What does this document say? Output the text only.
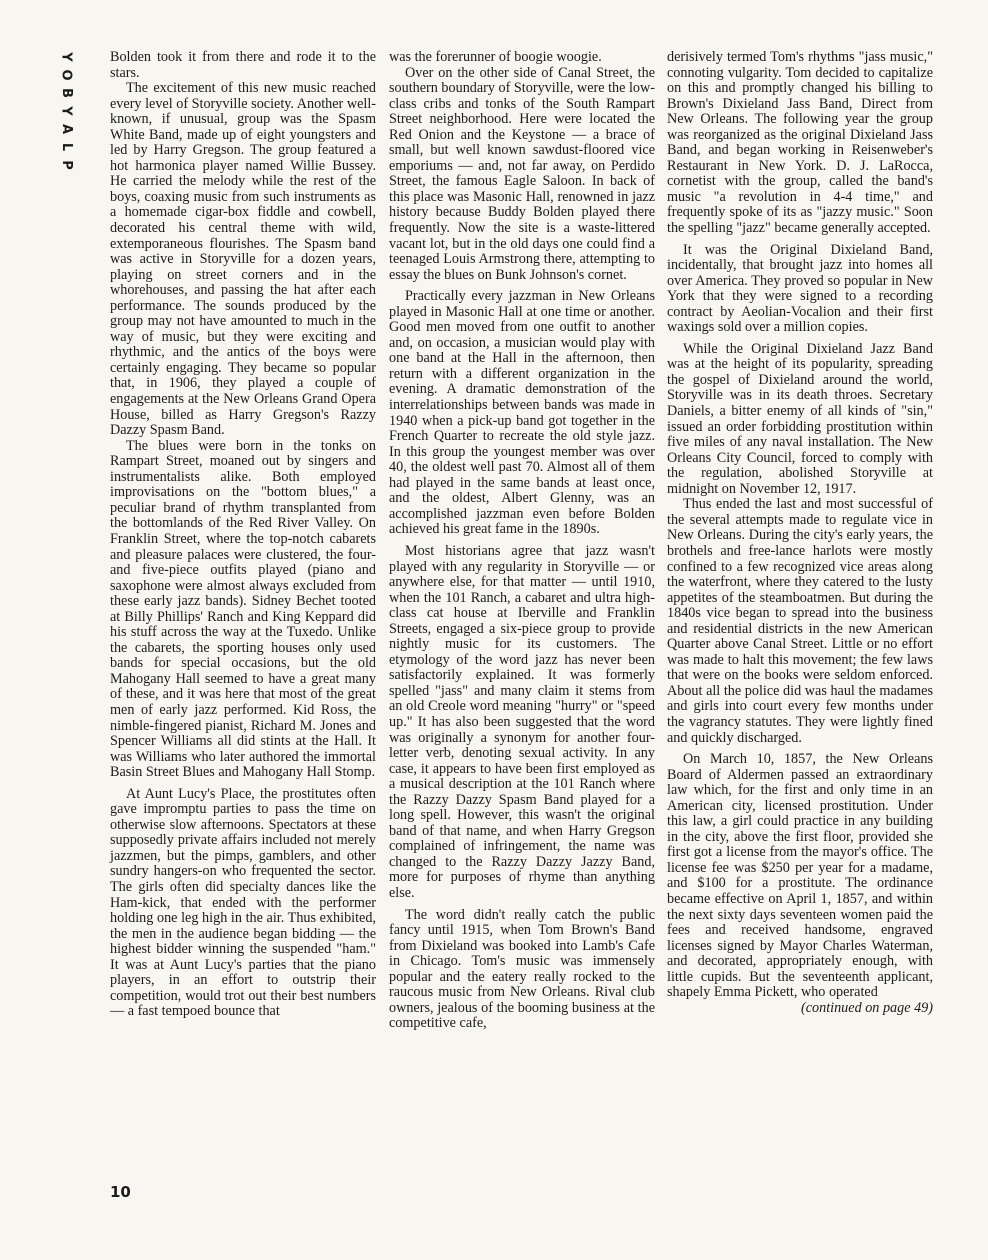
Y
O
B
Y
A
L
P

Bolden took it from there and rode it to the stars.

The excitement of this new music reached every level of Storyville society. Another well-known, if unusual, group was the Spasm White Band, made up of eight youngsters and led by Harry Gregson. The group featured a hot harmonica player named Willie Bussey. He carried the melody while the rest of the boys, coaxing music from such instruments as a homemade cigar-box fiddle and cowbell, decorated his central theme with wild, extemporaneous flourishes. The Spasm band was active in Storyville for a dozen years, playing on street corners and in the whorehouses, and passing the hat after each performance. The sounds produced by the group may not have amounted to much in the way of music, but they were exciting and rhythmic, and the antics of the boys were certainly engaging. They became so popular that, in 1906, they played a couple of engagements at the New Orleans Grand Opera House, billed as Harry Gregson's Razzy Dazzy Spasm Band.

The blues were born in the tonks on Rampart Street, moaned out by singers and instrumentalists alike. Both employed improvisations on the "bottom blues," a peculiar brand of rhythm transplanted from the bottomlands of the Red River Valley. On Franklin Street, where the top-notch cabarets and pleasure palaces were clustered, the four-and five-piece outfits played (piano and saxophone were almost always excluded from these early jazz bands). Sidney Bechet tooted at Billy Phillips' Ranch and King Keppard did his stuff across the way at the Tuxedo. Unlike the cabarets, the sporting houses only used bands for special occasions, but the old Mahogany Hall seemed to have a great many of these, and it was here that most of the great men of early jazz performed. Kid Ross, the nimble-fingered pianist, Richard M. Jones and Spencer Williams all did stints at the Hall. It was Williams who later authored the immortal Basin Street Blues and Mahogany Hall Stomp.

At Aunt Lucy's Place, the prostitutes often gave impromptu parties to pass the time on otherwise slow afternoons. Spectators at these supposedly private affairs included not merely jazzmen, but the pimps, gamblers, and other sundry hangers-on who frequented the sector. The girls often did specialty dances like the Ham-kick, that ended with the performer holding one leg high in the air. Thus exhibited, the men in the audience began bidding — the highest bidder winning the suspended "ham." It was at Aunt Lucy's parties that the piano players, in an effort to outstrip their competition, would trot out their best numbers — a fast tempoed bounce that

was the forerunner of boogie woogie.

Over on the other side of Canal Street, the southern boundary of Storyville, were the low-class cribs and tonks of the South Rampart Street neighborhood. Here were located the Red Onion and the Keystone — a brace of small, but well known sawdust-floored vice emporiums — and, not far away, on Perdido Street, the famous Eagle Saloon. In back of this place was Masonic Hall, renowned in jazz history because Buddy Bolden played there frequently. Now the site is a waste-littered vacant lot, but in the old days one could find a teenaged Louis Armstrong there, attempting to essay the blues on Bunk Johnson's cornet.

Practically every jazzman in New Orleans played in Masonic Hall at one time or another. Good men moved from one outfit to another and, on occasion, a musician would play with one band at the Hall in the afternoon, then return with a different organization in the evening. A dramatic demonstration of the interrelationships between bands was made in 1940 when a pick-up band got together in the French Quarter to recreate the old style jazz. In this group the youngest member was over 40, the oldest well past 70. Almost all of them had played in the same bands at least once, and the oldest, Albert Glenny, was an accomplished jazzman even before Bolden achieved his great fame in the 1890s.

Most historians agree that jazz wasn't played with any regularity in Storyville — or anywhere else, for that matter — until 1910, when the 101 Ranch, a cabaret and ultra high-class cat house at Iberville and Franklin Streets, engaged a six-piece group to provide nightly music for its customers. The etymology of the word jazz has never been satisfactorily explained. It was formerly spelled "jass" and many claim it stems from an old Creole word meaning "hurry" or "speed up." It has also been suggested that the word was originally a synonym for another four-letter verb, denoting sexual activity. In any case, it appears to have been first employed as a musical description at the 101 Ranch where the Razzy Dazzy Spasm Band played for a long spell. However, this wasn't the original band of that name, and when Harry Gregson complained of infringement, the name was changed to the Razzy Dazzy Jazzy Band, more for purposes of rhyme than anything else.

The word didn't really catch the public fancy until 1915, when Tom Brown's Band from Dixieland was booked into Lamb's Cafe in Chicago. Tom's music was immensely popular and the eatery really rocked to the raucous music from New Orleans. Rival club owners, jealous of the booming business at the competitive cafe,

derisively termed Tom's rhythms "jass music," connoting vulgarity. Tom decided to capitalize on this and promptly changed his billing to Brown's Dixieland Jass Band, Direct from New Orleans. The following year the group was reorganized as the original Dixieland Jass Band, and began working in Reisenweber's Restaurant in New York. D. J. LaRocca, cornetist with the group, called the band's music "a revolution in 4-4 time," and frequently spoke of its as "jazzy music." Soon the spelling "jazz" became generally accepted.

It was the Original Dixieland Band, incidentally, that brought jazz into homes all over America. They proved so popular in New York that they were signed to a recording contract by Aeolian-Vocalion and their first waxings sold over a million copies.

While the Original Dixieland Jazz Band was at the height of its popularity, spreading the gospel of Dixieland around the world, Storyville was in its death throes. Secretary Daniels, a bitter enemy of all kinds of "sin," issued an order forbidding prostitution within five miles of any naval installation. The New Orleans City Council, forced to comply with the regulation, abolished Storyville at midnight on November 12, 1917.

Thus ended the last and most successful of the several attempts made to regulate vice in New Orleans. During the city's early years, the brothels and free-lance harlots were mostly confined to a few recognized vice areas along the waterfront, where they catered to the lusty appetites of the steamboatmen. But during the 1840s vice began to spread into the business and residential districts in the new American Quarter above Canal Street. Little or no effort was made to halt this movement; the few laws that were on the books were seldom enforced. About all the police did was haul the madames and girls into court every few months under the vagrancy statutes. They were lightly fined and quickly discharged.

On March 10, 1857, the New Orleans Board of Aldermen passed an extraordinary law which, for the first and only time in an American city, licensed prostitution. Under this law, a girl could practice in any building in the city, above the first floor, provided she first got a license from the mayor's office. The license fee was $250 per year for a madame, and $100 for a prostitute. The ordinance became effective on April 1, 1857, and within the next sixty days seventeen women paid the fees and received handsome, engraved licenses signed by Mayor Charles Waterman, and decorated, appropriately enough, with little cupids. But the seventeenth applicant, shapely Emma Pickett, who operated

(continued on page 49)
10
